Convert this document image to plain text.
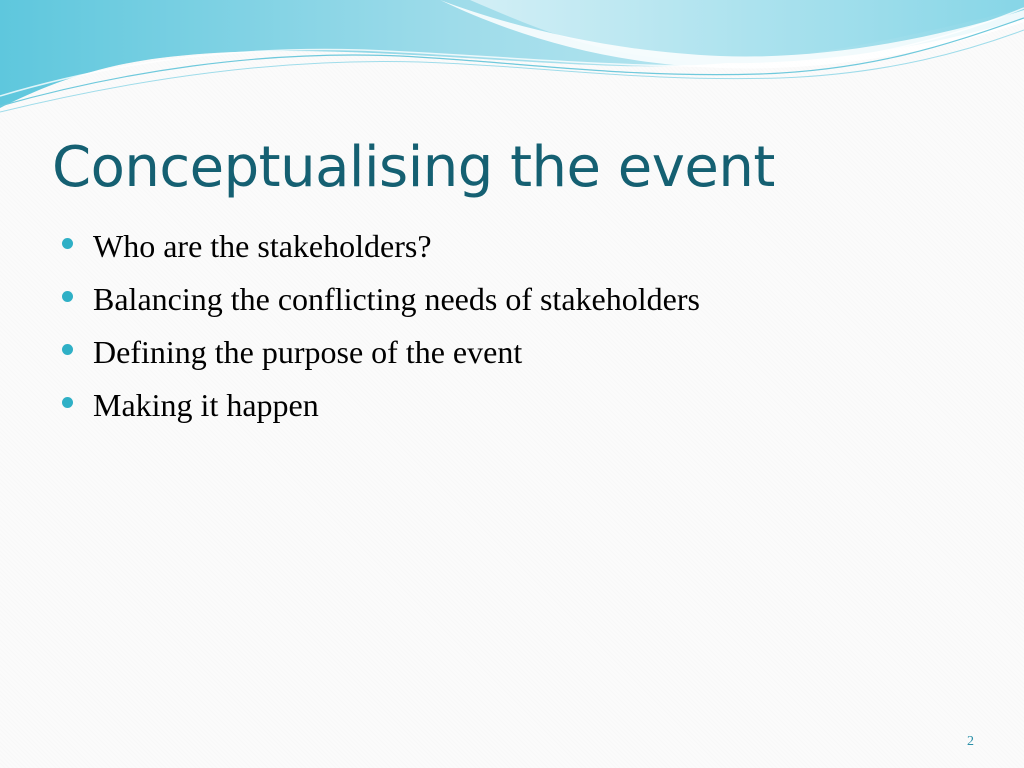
Conceptualising the event
Who are the stakeholders?
Balancing the conflicting needs of stakeholders
Defining the purpose of the event
Making it happen
2
